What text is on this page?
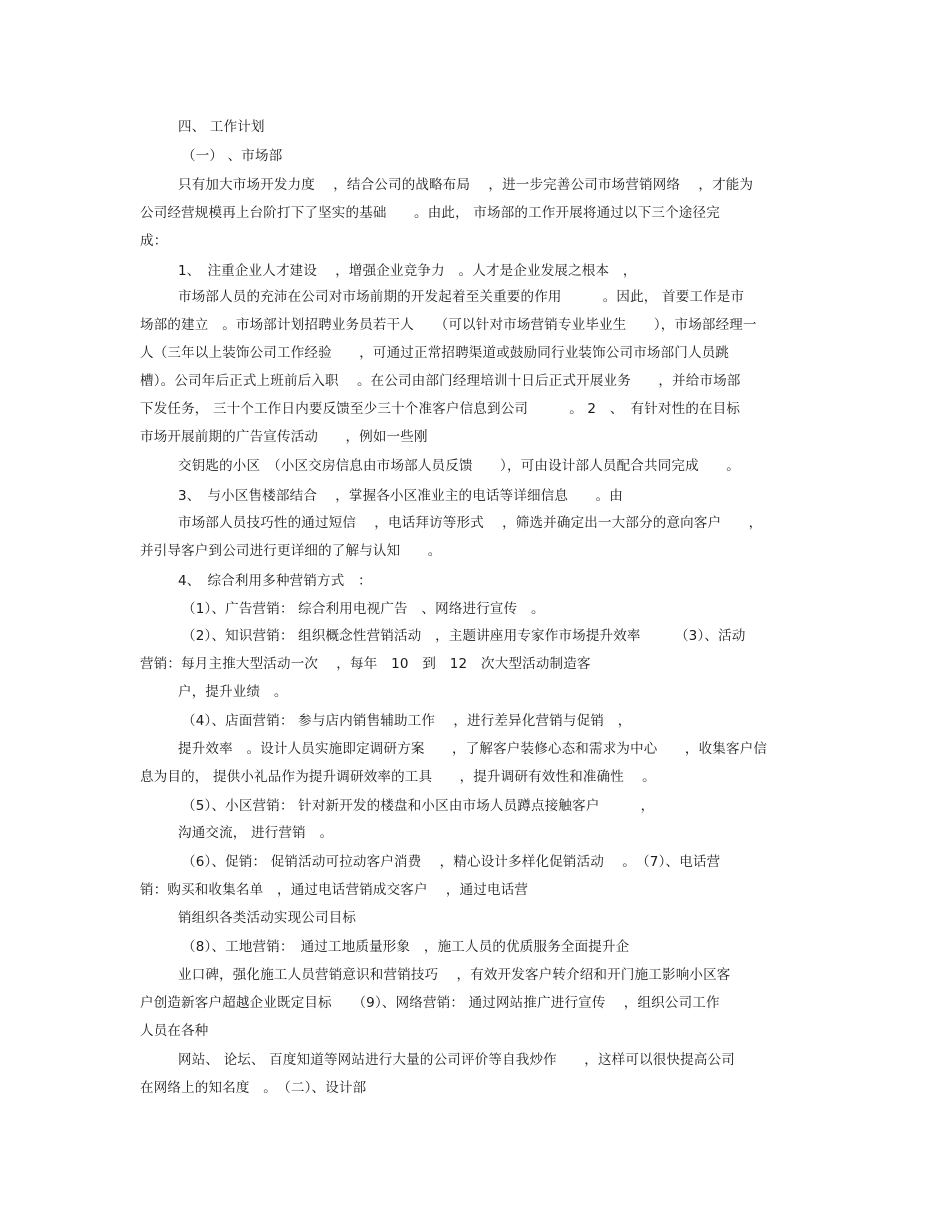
四、 工作计划
（一） 、市场部
只有加大市场开发力度　 ，结合公司的战略布局　 ，进一步完善公司市场营销网络　 ，才能为
公司经营规模再上台阶打下了坚实的基础　　。由此， 市场部的工作开展将通过以下三个途径完
成：
1、　注重企业人才建设　 ，增强企业竞争力　。人才是企业发展之根本　，
市场部人员的充沛在公司对市场前期的开发起着至关重要的作用　　　。因此， 首要工作是市
场部的建立　。市场部计划招聘业务员若干人　　（可以针对市场营销专业毕业生　　），市场部经理一
人（三年以上装饰公司工作经验　　，可通过正常招聘渠道或鼓励同行业装饰公司市场部门人员跳
槽）。公司年后正式上班前后入职　 。在公司由部门经理培训十日后正式开展业务　　，并给市场部
下发任务， 三十个工作日内要反馈至少三十个准客户信息到公司　　　。 2　、　有针对性的在目标
市场开展前期的广告宣传活动　　，例如一些刚
交钥匙的小区　（小区交房信息由市场部人员反馈　　），可由设计部人员配合共同完成　　。
3、　与小区售楼部结合　 ，掌握各小区准业主的电话等详细信息　　。由
市场部人员技巧性的通过短信　 ，电话拜访等形式　 ，筛选并确定出一大部分的意向客户　　，
并引导客户到公司进行更详细的了解与认知　　。
4、　综合利用多种营销方式　：
（1）、广告营销： 综合利用电视广告　、网络进行宣传　。
（2）、知识营销： 组织概念性营销活动　，主题讲座用专家作市场提升效率　　　（3）、活动
营销：每月主推大型活动一次　 ，每年　10　到　12　次大型活动制造客
户，提升业绩　。
（4）、店面营销： 参与店内销售辅助工作　 ，进行差异化营销与促销　，
提升效率　。设计人员实施即定调研方案　　，了解客户装修心态和需求为中心　　，收集客户信
息为目的， 提供小礼品作为提升调研效率的工具　　，提升调研有效性和准确性　 。
（5）、小区营销： 针对新开发的楼盘和小区由市场人员蹲点接触客户　　　，
沟通交流， 进行营销　。
（6）、促销： 促销活动可拉动客户消费　 ，精心设计多样化促销活动　 。　（7）、电话营
销：购买和收集名单　，通过电话营销成交客户　 ，通过电话营
销组织各类活动实现公司目标
（8）、工地营销：　通过工地质量形象　，施工人员的优质服务全面提升企
业口碑，强化施工人员营销意识和营销技巧　 ，有效开发客户转介绍和开门施工影响小区客
户创造新客户超越企业既定目标　　（9）、网络营销： 通过网站推广进行宣传　 ，组织公司工作
人员在各种
网站、 论坛、 百度知道等网站进行大量的公司评价等自我炒作　　，这样可以很快提高公司
在网络上的知名度　。　（二）、设计部
